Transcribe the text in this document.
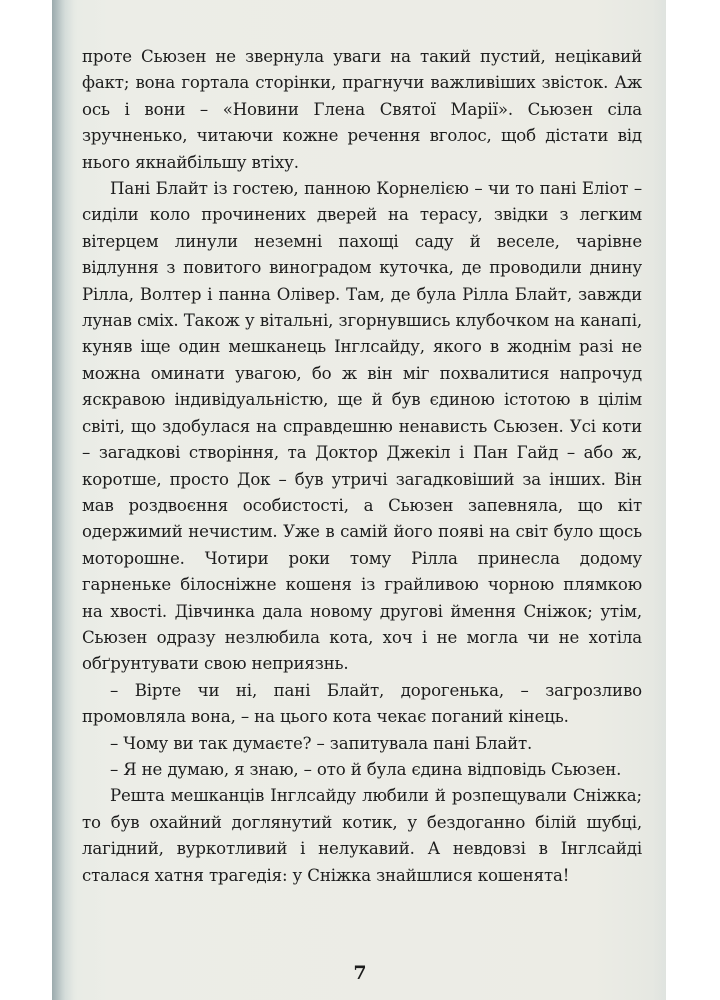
проте Сьюзен не звернула уваги на такий пустий, нецікавий факт; вона гортала сторінки, прагнучи важливіших звісток. Аж ось і вони – «Новини Глена Святої Марії». Сьюзен сіла зручненько, читаючи кожне речення вголос, щоб дістати від нього якнайбільшу втіху.

Пані Блайт із гостею, панною Корнелією – чи то пані Еліот – сиділи коло прочинених дверей на терасу, звідки з легким вітерцем линули неземні пахощі саду й веселе, чарівне відлуння з повитого виноградом куточка, де проводили днину Рілла, Волтер і панна Олівер. Там, де була Рілла Блайт, завжди лунав сміх. Також у вітальні, згорнувшись клубочком на канапі, куняв іще один мешканець Інглсайду, якого в жоднім разі не можна оминати увагою, бо ж він міг похвалитися напрочуд яскравою індивідуальністю, ще й був єдиною істотою в цілім світі, що здобулася на справдешню ненависть Сьюзен. Усі коти – загадкові створіння, та Доктор Джекіл і Пан Гайд – або ж, коротше, просто Док – був утричі загадковіший за інших. Він мав роздвоєння особистості, а Сьюзен запевняла, що кіт одержимий нечистим. Уже в самій його появі на світ було щось моторошне. Чотири роки тому Рілла принесла додому гарненьке білосніжне кошеня із грайливою чорною плямкою на хвості. Дівчинка дала новому другові ймення Сніжок; утім, Сьюзен одразу незлюбила кота, хоч і не могла чи не хотіла обґрунтувати свою неприязнь.

– Вірте чи ні, пані Блайт, дорогенька, – загрозливо промовляла вона, – на цього кота чекає поганий кінець.

– Чому ви так думаєте? – запитувала пані Блайт.

– Я не думаю, я знаю, – ото й була єдина відповідь Сьюзен.

Решта мешканців Інглсайду любили й розпещували Сніжка; то був охайний доглянутий котик, у бездоганно білій шубці, лагідний, вуркотливий і нелукавий. А невдовзі в Інглсайді сталася хатня трагедія: у Сніжка знайшлися кошенята!

7
